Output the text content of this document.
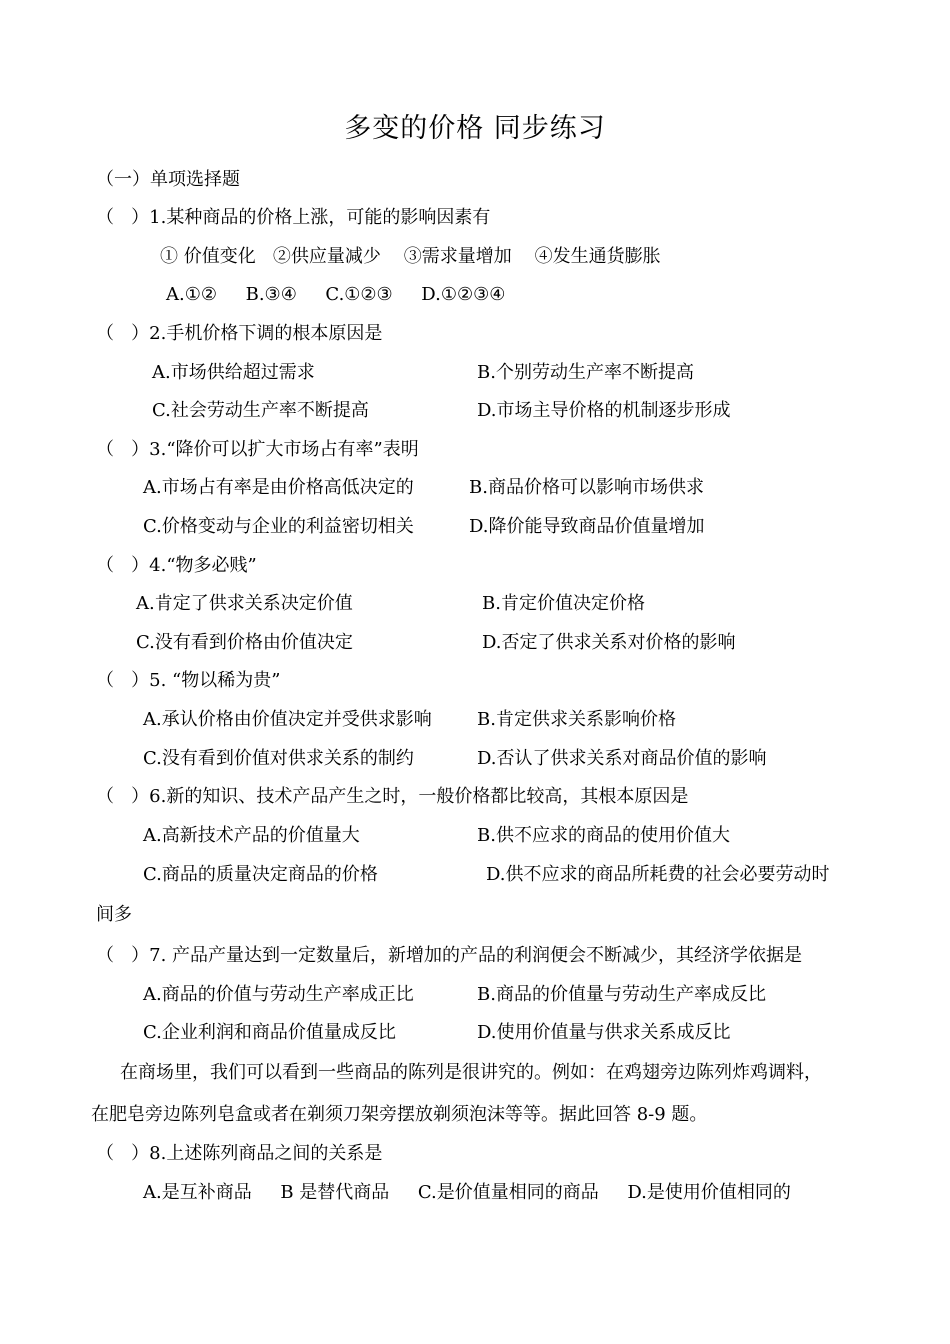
多变的价格 同步练习
（一）单项选择题
（   ）1.某种商品的价格上涨，可能的影响因素有
① 价值变化   ②供应量减少    ③需求量增加    ④发生通货膨胀
A.①②     B.③④     C.①②③     D.①②③④
（   ）2.手机价格下调的根本原因是
A.市场供给超过需求	B.个别劳动生产率不断提高
C.社会劳动生产率不断提高	D.市场主导价格的机制逐步形成
（   ）3.“降价可以扩大市场占有率”表明
A.市场占有率是由价格高低决定的	B.商品价格可以影响市场供求
C.价格变动与企业的利益密切相关	D.降价能导致商品价值量增加
（   ）4.“物多必贱”
A.肯定了供求关系决定价值	B.肯定价值决定价格
C.没有看到价格由价值决定	D.否定了供求关系对价格的影响
（   ）5. “物以稀为贵”
A.承认价格由价值决定并受供求影响	B.肯定供求关系影响价格
C.没有看到价值对供求关系的制约	D.否认了供求关系对商品价值的影响
（   ）6.新的知识、技术产品产生之时，一般价格都比较高，其根本原因是
A.高新技术产品的价值量大	B.供不应求的商品的使用价值大
C.商品的质量决定商品的价格	D.供不应求的商品所耗费的社会必要劳动时
间多
（   ）7. 产品产量达到一定数量后，新增加的产品的利润便会不断减少，其经济学依据是
A.商品的价值与劳动生产率成正比	B.商品的价值量与劳动生产率成反比
C.企业利润和商品价值量成反比	D.使用价值量与供求关系成反比
在商场里，我们可以看到一些商品的陈列是很讲究的。例如：在鸡翅旁边陈列炸鸡调料，
在肥皂旁边陈列皂盒或者在剃须刀架旁摆放剃须泡沫等等。据此回答 8-9 题。
（   ）8.上述陈列商品之间的关系是
A.是互补商品     B 是替代商品     C.是价值量相同的商品     D.是使用价值相同的
